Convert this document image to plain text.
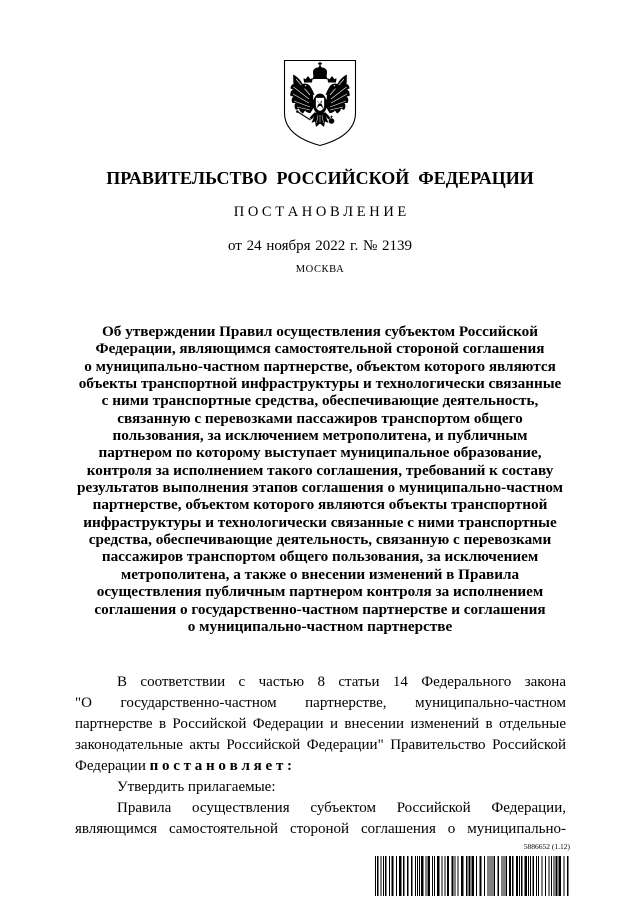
ПРАВИТЕЛЬСТВО РОССИЙСКОЙ ФЕДЕРАЦИИ
П О С Т А Н О В Л Е Н И Е
от 24 ноября 2022 г. № 2139
МОСКВА
Об утверждении Правил осуществления субъектом Российской
Федерации, являющимся самостоятельной стороной соглашения
о муниципально-частном партнерстве, объектом которого являются
объекты транспортной инфраструктуры и технологически связанные
с ними транспортные средства, обеспечивающие деятельность,
связанную с перевозками пассажиров транспортом общего
пользования, за исключением метрополитена, и публичным
партнером по которому выступает муниципальное образование,
контроля за исполнением такого соглашения, требований к составу
результатов выполнения этапов соглашения о муниципально-частном
партнерстве, объектом которого являются объекты транспортной
инфраструктуры и технологически связанные с ними транспортные
средства, обеспечивающие деятельность, связанную с перевозками
пассажиров транспортом общего пользования, за исключением
метрополитена, а также о внесении изменений в Правила
осуществления публичным партнером контроля за исполнением
соглашения о государственно-частном партнерстве и соглашения
о муниципально-частном партнерстве
В соответствии с частью 8 статьи 14 Федерального закона
"О государственно-частном партнерстве, муниципально-частном
партнерстве в Российской Федерации и внесении изменений в отдельные
законодательные акты Российской Федерации" Правительство Российской
Федерации п о с т а н о в л я е т :
Утвердить прилагаемые:
Правила осуществления субъектом Российской Федерации,
являющимся самостоятельной стороной соглашения о муниципально-
5886652 (1.12)
